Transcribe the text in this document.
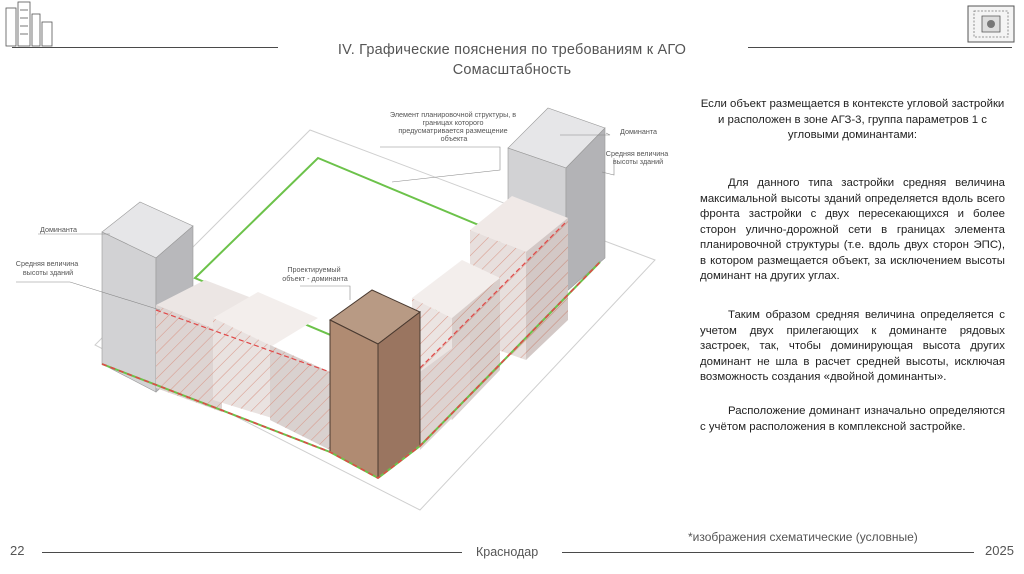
IV. Графические пояснения по требованиям к АГО
Сомасштабность
Элемент планировочной структуры, в границах которого предусматривается размещение объекта
Доминанта
Средняя величина высоты зданий
Доминанта
Средняя величина высоты зданий	Проектируемый объект - доминанта
Если объект размещается в контексте угловой застройки и расположен в зоне АГЗ-3, группа параметров 1 с угловыми доминантами:

Для данного типа застройки средняя величина максимальной высоты зданий определяется вдоль всего фронта застройки с двух пересекающихся и более сторон улично-дорожной сети в границах элемента планировочной структуры (т.е. вдоль двух сторон ЭПС), в котором размещается объект, за исключением высоты доминант на других углах.

Таким образом средняя величина определяется с учетом двух прилегающих к доминанте рядовых застроек, так, чтобы доминирующая высота других доминант не шла в расчет средней высоты, исключая возможность создания «двойной доминанты».

Расположение доминант изначально определяются с учётом расположения в комплексной застройке.

*изображения схематические (условные)
22	Краснодар	2025
